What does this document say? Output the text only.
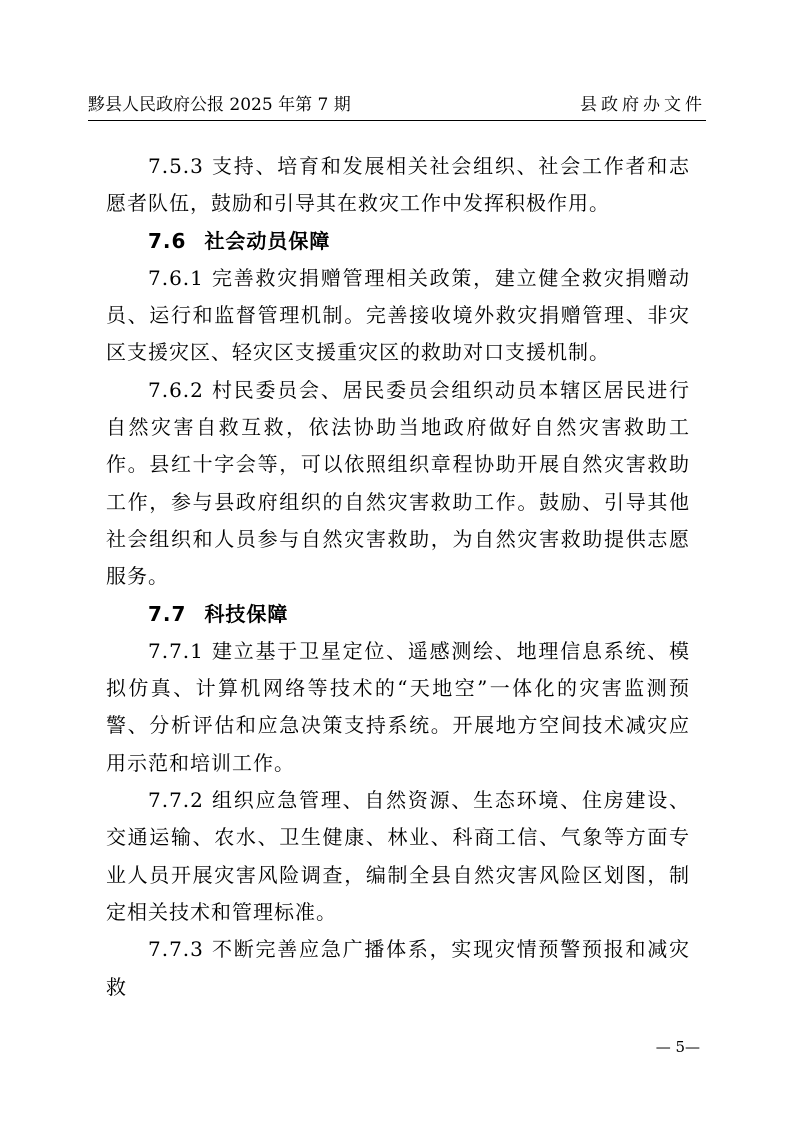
黟县人民政府公报 2025 年第 7 期	县政府办文件

7.5.3 支持、培育和发展相关社会组织、社会工作者和志愿者队伍，鼓励和引导其在救灾工作中发挥积极作用。

7.6 社会动员保障

7.6.1 完善救灾捐赠管理相关政策，建立健全救灾捐赠动员、运行和监督管理机制。完善接收境外救灾捐赠管理、非灾区支援灾区、轻灾区支援重灾区的救助对口支援机制。

7.6.2 村民委员会、居民委员会组织动员本辖区居民进行自然灾害自救互救，依法协助当地政府做好自然灾害救助工作。县红十字会等，可以依照组织章程协助开展自然灾害救助工作，参与县政府组织的自然灾害救助工作。鼓励、引导其他社会组织和人员参与自然灾害救助，为自然灾害救助提供志愿服务。

7.7 科技保障

7.7.1 建立基于卫星定位、遥感测绘、地理信息系统、模拟仿真、计算机网络等技术的“天地空”一体化的灾害监测预警、分析评估和应急决策支持系统。开展地方空间技术减灾应用示范和培训工作。

7.7.2 组织应急管理、自然资源、生态环境、住房建设、交通运输、农水、卫生健康、林业、科商工信、气象等方面专业人员开展灾害风险调查，编制全县自然灾害风险区划图，制定相关技术和管理标准。

7.7.3 不断完善应急广播体系，实现灾情预警预报和减灾救

— 5—
